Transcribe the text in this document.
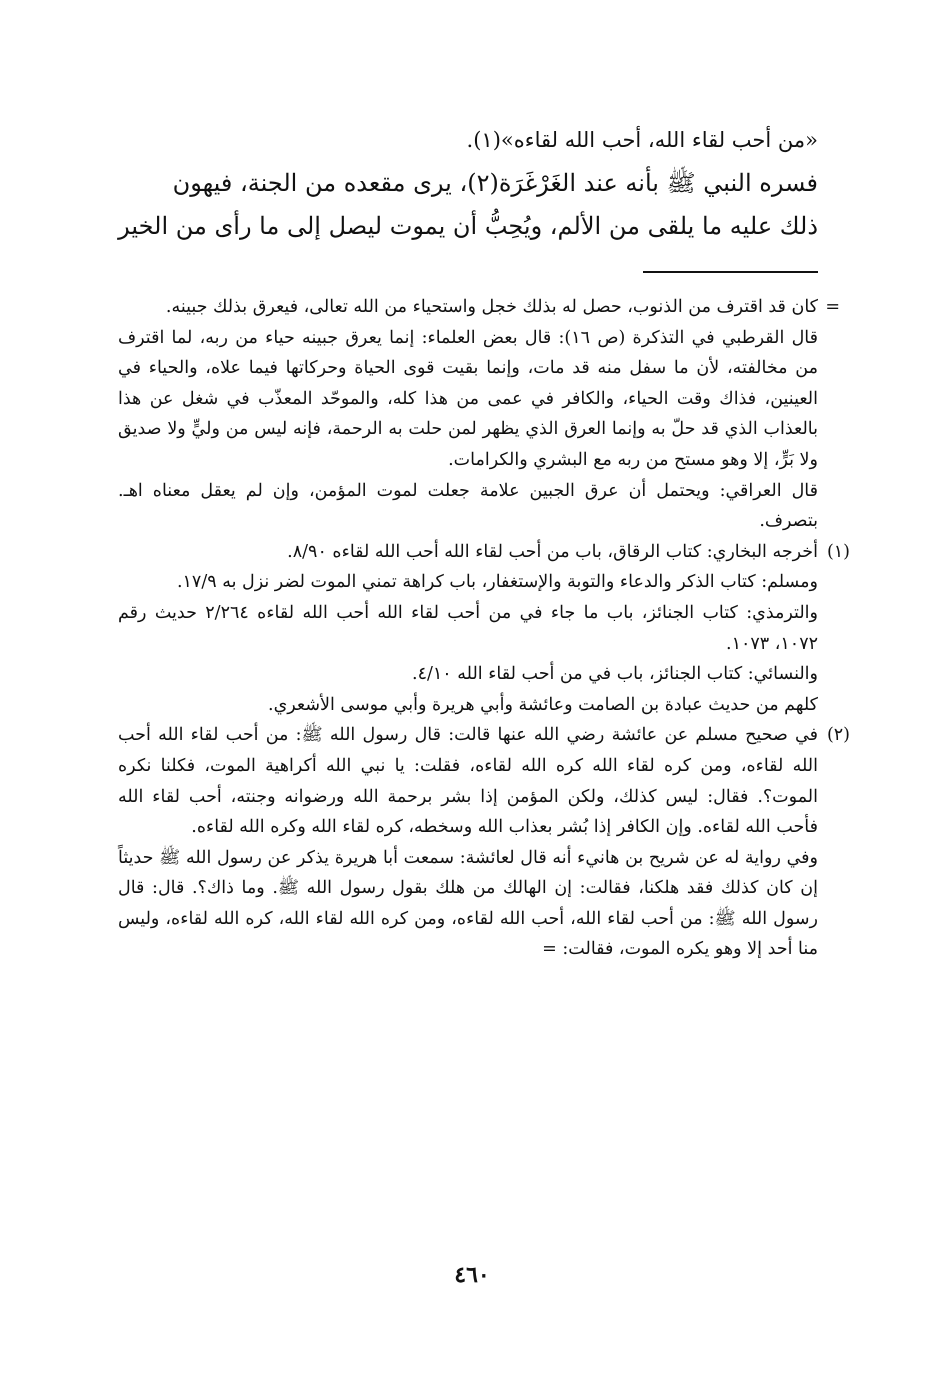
«من أحب لقاء الله، أحب الله لقاءه»(١).

فسره النبي ﷺ بأنه عند الغَرْغَرَة(٢)، يرى مقعده من الجنة، فيهون

ذلك عليه ما يلقى من الألم، ويُحِبُّ أن يموت ليصل إلى ما رأى من الخير

=
كان قد اقترف من الذنوب، حصل له بذلك خجل واستحياء من الله تعالى، فيعرق بذلك جبينه.

قال القرطبي في التذكرة (ص ١٦): قال بعض العلماء: إنما يعرق جبينه حياء من ربه، لما اقترف من مخالفته، لأن ما سفل منه قد مات، وإنما بقيت قوى الحياة وحركاتها فيما علاه، والحياء في العينين، فذاك وقت الحياء، والكافر في عمى من هذا كله، والموحّد المعذّب في شغل عن هذا بالعذاب الذي قد حلّ به وإنما العرق الذي يظهر لمن حلت به الرحمة، فإنه ليس من وليٍّ ولا صديق ولا بَرٍّ، إلا وهو مستح من ربه مع البشري والكرامات.

قال العراقي: ويحتمل أن عرق الجبين علامة جعلت لموت المؤمن، وإن لم يعقل معناه اهـ. بتصرف.

(١)
أخرجه البخاري: كتاب الرقاق، باب من أحب لقاء الله أحب الله لقاءه ٨/٩٠.

ومسلم: كتاب الذكر والدعاء والتوبة والإستغفار، باب كراهة تمني الموت لضر نزل به ١٧/٩.

والترمذي: كتاب الجنائز، باب ما جاء في من أحب لقاء الله أحب الله لقاءه ٢/٢٦٤ حديث رقم ١٠٧٢، ١٠٧٣.

والنسائي: كتاب الجنائز، باب في من أحب لقاء الله ٤/١٠.

كلهم من حديث عبادة بن الصامت وعائشة وأبي هريرة وأبي موسى الأشعري.

(٢)
في صحيح مسلم عن عائشة رضي الله عنها قالت: قال رسول الله ﷺ: من أحب لقاء الله أحب الله لقاءه، ومن كره لقاء الله كره الله لقاءه، فقلت: يا نبي الله أكراهية الموت، فكلنا نكره الموت؟. فقال: ليس كذلك، ولكن المؤمن إذا بشر برحمة الله ورضوانه وجنته، أحب لقاء الله فأحب الله لقاءه. وإن الكافر إذا بُشر بعذاب الله وسخطه، كره لقاء الله وكره الله لقاءه.

وفي رواية له عن شريح بن هانيء أنه قال لعائشة: سمعت أبا هريرة يذكر عن رسول الله ﷺ حديثاً إن كان كذلك فقد هلكنا، فقالت: إن الهالك من هلك بقول رسول الله ﷺ. وما ذاك؟. قال: قال رسول الله ﷺ: من أحب لقاء الله، أحب الله لقاءه، ومن كره الله لقاء الله، كره الله لقاءه، وليس منا أحد إلا وهو يكره الموت، فقالت: =

٤٦٠
